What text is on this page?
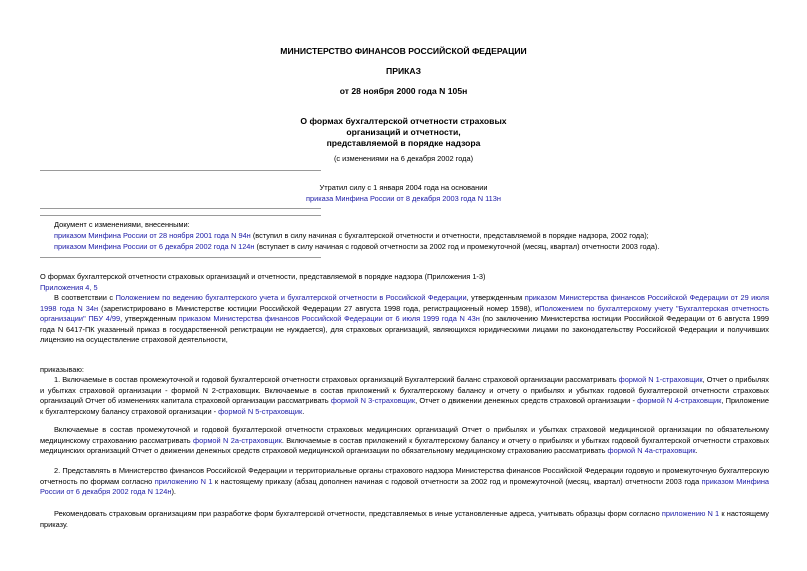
МИНИСТЕРСТВО ФИНАНСОВ РОССИЙСКОЙ ФЕДЕРАЦИИ
ПРИКАЗ
от 28 ноября 2000 года N 105н
О формах бухгалтерской отчетности страховых
организаций и отчетности,
представляемой в порядке надзора
(с изменениями на 6 декабря 2002 года)
Утратил силу с 1 января 2004 года на основании
приказа Минфина России от 8 декабря 2003 года N 113н
Документ с изменениями, внесенными:
приказом Минфина России от 28 ноября 2001 года N 94н (вступил в силу начиная с бухгалтерской отчетности и отчетности, представляемой в порядке надзора, 2002 года);
приказом Минфина России от 6 декабря 2002 года N 124н (вступает в силу начиная с годовой отчетности за 2002 год и промежуточной (месяц, квартал) отчетности 2003 года).
О формах бухгалтерской отчетности страховых организаций и отчетности, представляемой в порядке надзора (Приложения 1-3)
Приложения 4, 5
В соответствии с Положением по ведению бухгалтерского учета и бухгалтерской отчетности в Российской Федерации, утвержденным приказом Министерства финансов Российской Федерации от 29 июля 1998 года N 34н (зарегистрировано в Министерстве юстиции Российской Федерации 27 августа 1998 года, регистрационный номер 1598), иПоложением по бухгалтерскому учету "Бухгалтерская отчетность организации" ПБУ 4/99, утвержденным приказом Министерства финансов Российской Федерации от 6 июля 1999 года N 43н (по заключению Министерства юстиции Российской Федерации от 6 августа 1999 года N 6417-ПК указанный приказ в государственной регистрации не нуждается), для страховых организаций, являющихся юридическими лицами по законодательству Российской Федерации и получивших лицензию на осуществление страховой деятельности,
приказываю:
1. Включаемые в состав промежуточной и годовой бухгалтерской отчетности страховых организаций Бухгалтерский баланс страховой организации рассматривать формой N 1-страховщик, Отчет о прибылях и убытках страховой организации - формой N 2-страховщик. Включаемые в состав приложений к бухгалтерскому балансу и отчету о прибылях и убытках годовой бухгалтерской отчетности страховых организаций Отчет об изменениях капитала страховой организации рассматривать формой N 3-страховщик, Отчет о движении денежных средств страховой организации - формой N 4-страховщик, Приложение к бухгалтерскому балансу страховой организации - формой N 5-страховщик.
Включаемые в состав промежуточной и годовой бухгалтерской отчетности страховых медицинских организаций Отчет о прибылях и убытках страховой медицинской организации по обязательному медицинскому страхованию рассматривать формой N 2а-страховщик. Включаемые в состав приложений к бухгалтерскому балансу и отчету о прибылях и убытках годовой бухгалтерской отчетности страховых медицинских организаций Отчет о движении денежных средств страховой медицинской организации по обязательному медицинскому страхованию рассматривать формой N 4а-страховщик.
2. Представлять в Министерство финансов Российской Федерации и территориальные органы страхового надзора Министерства финансов Российской Федерации годовую и промежуточную бухгалтерскую отчетность по формам согласно приложению N 1 к настоящему приказу (абзац дополнен начиная с годовой отчетности за 2002 год и промежуточной (месяц, квартал) отчетности 2003 года приказом Минфина России от 6 декабря 2002 года N 124н).
Рекомендовать страховым организациям при разработке форм бухгалтерской отчетности, представляемых в иные установленные адреса, учитывать образцы форм согласно приложению N 1 к настоящему приказу.
